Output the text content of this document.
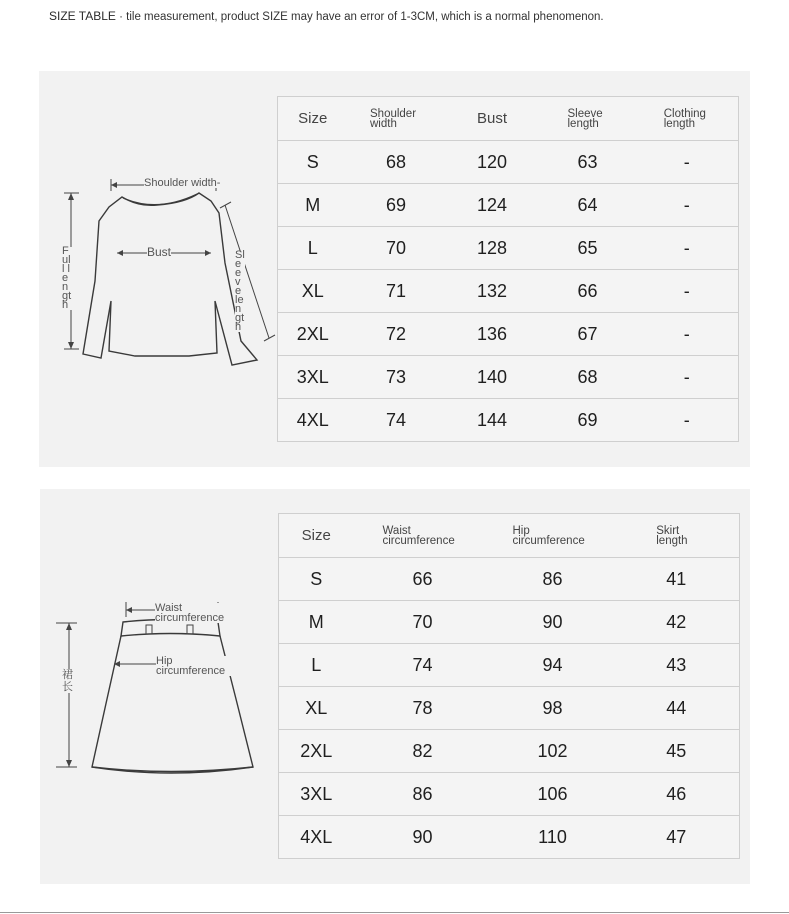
SIZE TABLE · tile measurement, product SIZE may have an error of 1-3CM, which is a normal phenomenon.
Shoulder width-
Bust
Full length
Sleeve length
Size	Shoulder width	Bust	Sleeve length	Clothing length
S	68	120	63	-
M	69	124	64	-
L	70	128	65	-
XL	71	132	66	-
2XL	72	136	67	-
3XL	73	140	68	-
4XL	74	144	69	-
Waist circumference
Hip circumference
裙长
Size	Waist circumference	Hip circumference	Skirt length
S	66	86	41
M	70	90	42
L	74	94	43
XL	78	98	44
2XL	82	102	45
3XL	86	106	46
4XL	90	110	47
